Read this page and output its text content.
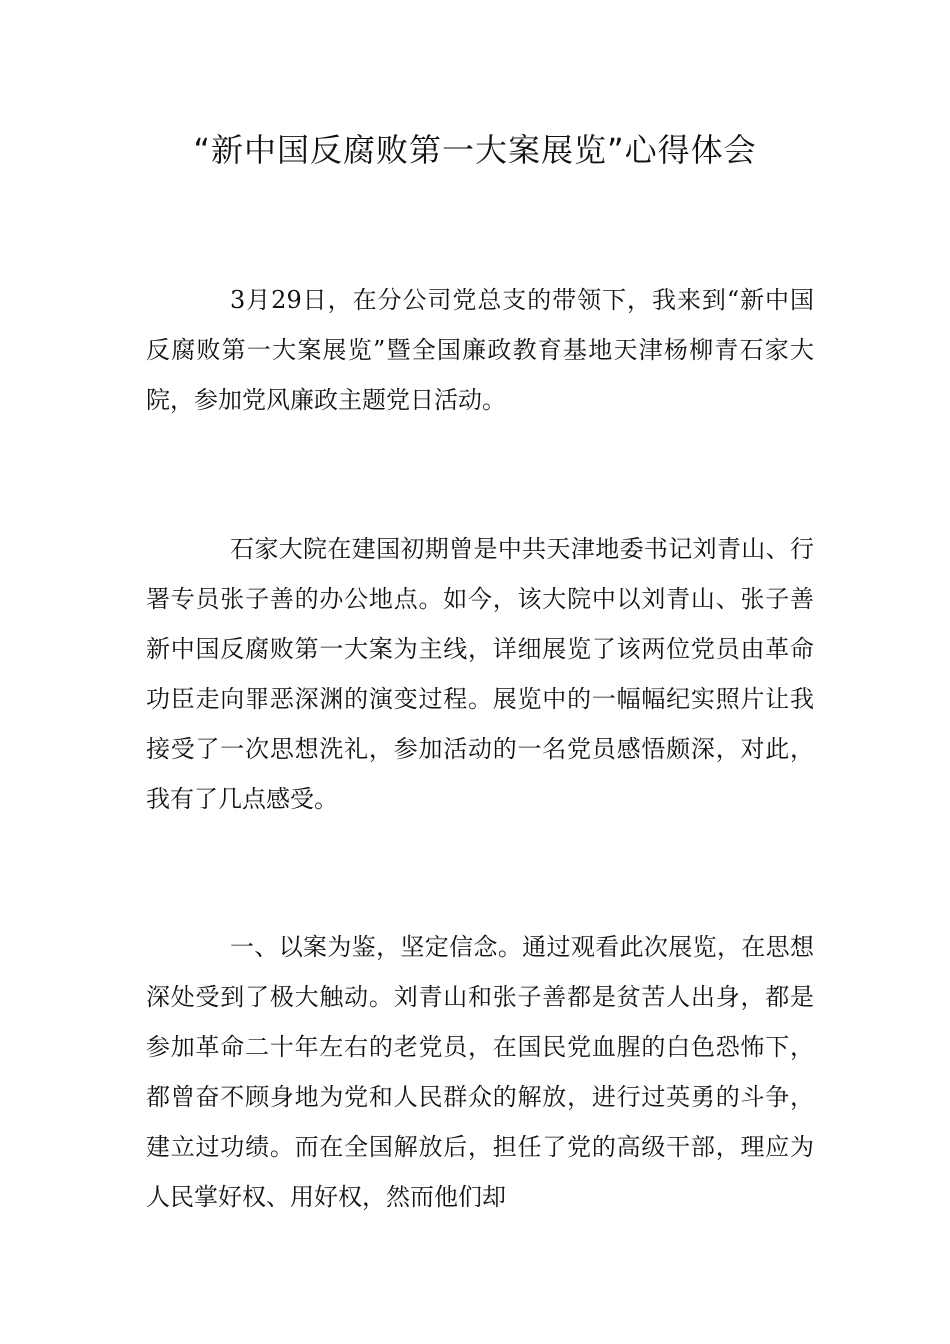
“新中国反腐败第一大案展览”心得体会

3月29日，在分公司党总支的带领下，我来到“新中国反腐败第一大案展览”暨全国廉政教育基地天津杨柳青石家大院，参加党风廉政主题党日活动。

石家大院在建国初期曾是中共天津地委书记刘青山、行署专员张子善的办公地点。如今，该大院中以刘青山、张子善新中国反腐败第一大案为主线，详细展览了该两位党员由革命功臣走向罪恶深渊的演变过程。展览中的一幅幅纪实照片让我接受了一次思想洗礼，参加活动的一名党员感悟颇深，对此，我有了几点感受。

一、以案为鉴，坚定信念。通过观看此次展览，在思想深处受到了极大触动。刘青山和张子善都是贫苦人出身，都是参加革命二十年左右的老党员，在国民党血腥的白色恐怖下，都曾奋不顾身地为党和人民群众的解放，进行过英勇的斗争，建立过功绩。而在全国解放后，担任了党的高级干部，理应为人民掌好权、用好权，然而他们却
